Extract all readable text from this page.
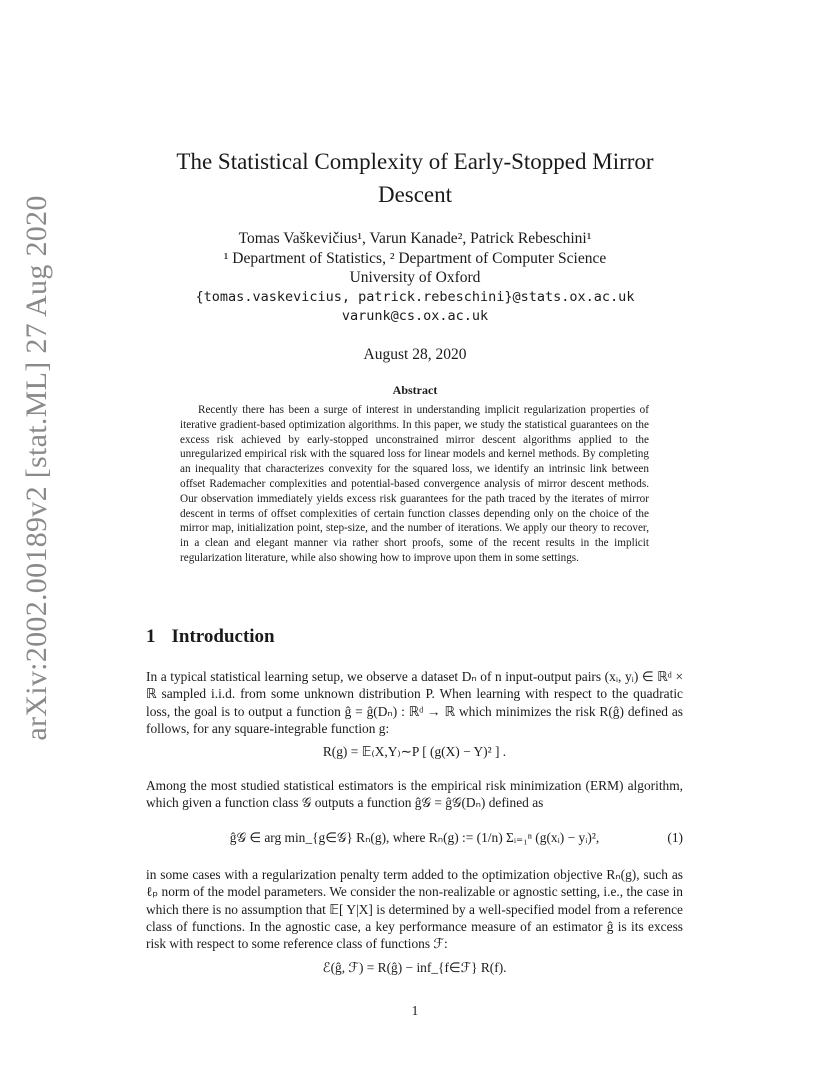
arXiv:2002.00189v2 [stat.ML] 27 Aug 2020
The Statistical Complexity of Early-Stopped Mirror
Descent
Tomas Vaškevičius¹, Varun Kanade², Patrick Rebeschini¹
¹ Department of Statistics, ² Department of Computer Science
University of Oxford
{tomas.vaskevicius, patrick.rebeschini}@stats.ox.ac.uk
varunk@cs.ox.ac.uk
August 28, 2020
Abstract
Recently there has been a surge of interest in understanding implicit regularization properties of iterative gradient-based optimization algorithms. In this paper, we study the statistical guarantees on the excess risk achieved by early-stopped unconstrained mirror descent algorithms applied to the unregularized empirical risk with the squared loss for linear models and kernel methods. By completing an inequality that characterizes convexity for the squared loss, we identify an intrinsic link between offset Rademacher complexities and potential-based convergence analysis of mirror descent methods. Our observation immediately yields excess risk guarantees for the path traced by the iterates of mirror descent in terms of offset complexities of certain function classes depending only on the choice of the mirror map, initialization point, step-size, and the number of iterations. We apply our theory to recover, in a clean and elegant manner via rather short proofs, some of the recent results in the implicit regularization literature, while also showing how to improve upon them in some settings.
1 Introduction
In a typical statistical learning setup, we observe a dataset Dₙ of n input-output pairs (xᵢ, yᵢ) ∈ ℝᵈ × ℝ sampled i.i.d. from some unknown distribution P. When learning with respect to the quadratic loss, the goal is to output a function ĝ = ĝ(Dₙ) : ℝᵈ → ℝ which minimizes the risk R(ĝ) defined as follows, for any square-integrable function g:
R(g) = 𝔼₍X,Y₎∼P [ (g(X) − Y)² ] .
Among the most studied statistical estimators is the empirical risk minimization (ERM) algorithm, which given a function class 𝒢 outputs a function ĝ𝒢 = ĝ𝒢(Dₙ) defined as
ĝ𝒢 ∈ arg min_{g∈𝒢} Rₙ(g), where Rₙ(g) := (1/n) Σᵢ₌₁ⁿ (g(xᵢ) − yᵢ)²,	(1)
in some cases with a regularization penalty term added to the optimization objective Rₙ(g), such as ℓₚ norm of the model parameters. We consider the non-realizable or agnostic setting, i.e., the case in which there is no assumption that 𝔼[ Y|X] is determined by a well-specified model from a reference class of functions. In the agnostic case, a key performance measure of an estimator ĝ is its excess risk with respect to some reference class of functions ℱ:
ℰ(ĝ, ℱ) = R(ĝ) − inf_{f∈ℱ} R(f).
1
